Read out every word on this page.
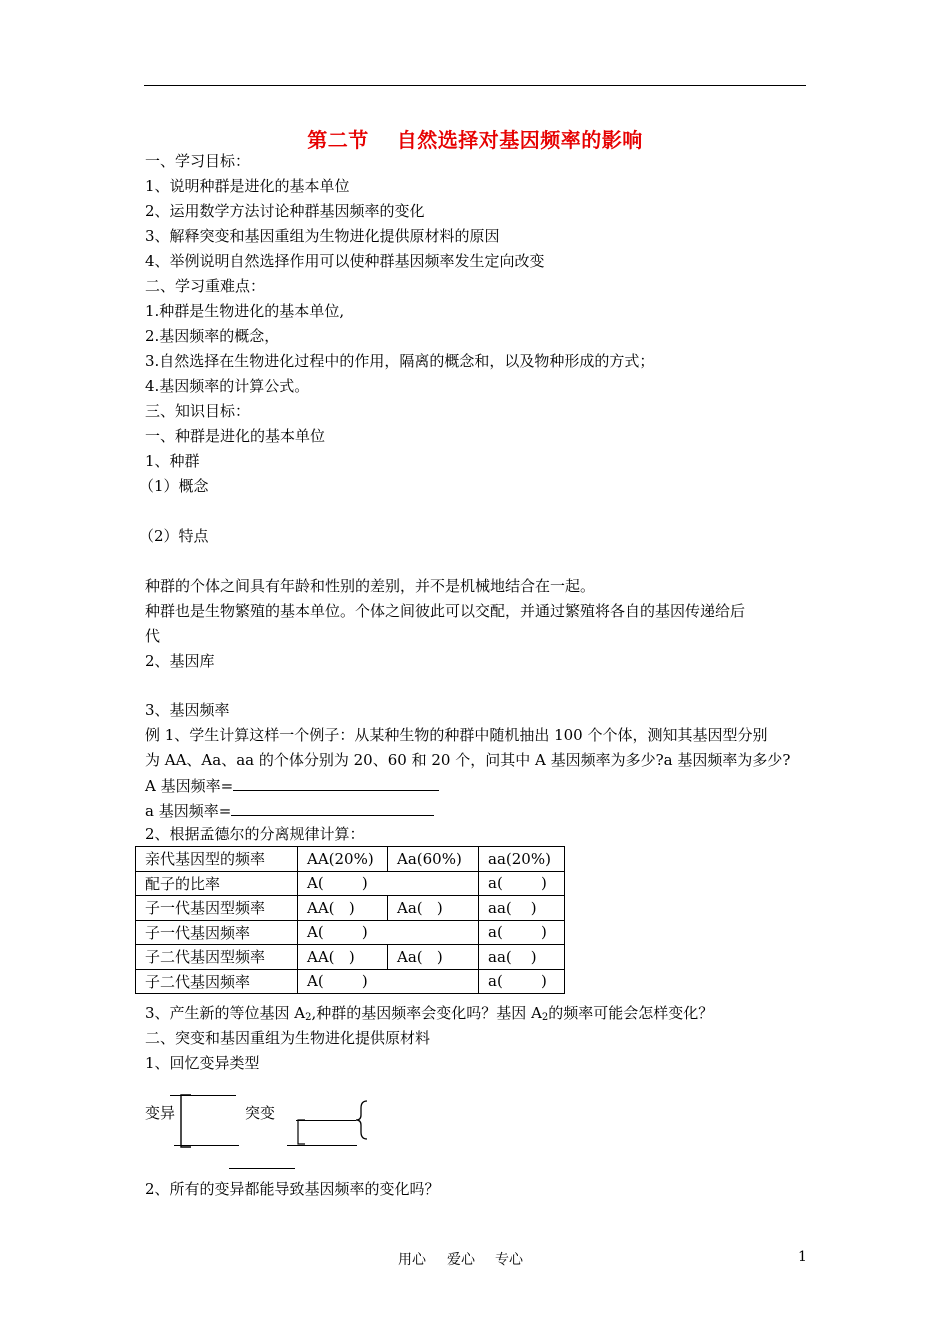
第二节 自然选择对基因频率的影响
一、学习目标：
1、说明种群是进化的基本单位
2、运用数学方法讨论种群基因频率的变化
3、解释突变和基因重组为生物进化提供原材料的原因
4、举例说明自然选择作用可以使种群基因频率发生定向改变
二、学习重难点：
1.种群是生物进化的基本单位,
2.基因频率的概念，
3.自然选择在生物进化过程中的作用，隔离的概念和，以及物种形成的方式；
4.基因频率的计算公式。
三、知识目标：
一、种群是进化的基本单位
1、种群
（1）概念
（2）特点
种群的个体之间具有年龄和性别的差别，并不是机械地结合在一起。
种群也是生物繁殖的基本单位。个体之间彼此可以交配，并通过繁殖将各自的基因传递给后
代
2、基因库
3、基因频率
例 1、学生计算这样一个例子：从某种生物的种群中随机抽出 100 个个体，测知其基因型分别
为 AA、Aa、aa 的个体分别为 20、60 和 20 个，问其中 A 基因频率为多少?a 基因频率为多少?
A 基因频率=
a 基因频率=
2、根据孟德尔的分离规律计算：
亲代基因型的频率	AA(20%)	Aa(60%)	aa(20%)
配子的比率	A(        )		a(        )
子一代基因型频率	AA(   )	Aa(   )	aa(    )
子一代基因频率	A(        )		a(        )
子二代基因型频率	AA(   )	Aa(   )	aa(    )
子二代基因频率	A(        )		a(        )
3、产生新的等位基因 $A_2$,种群的基因频率会变化吗？基因 $A_2$的频率可能会怎样变化？
二、突变和基因重组为生物进化提供原材料
1、回忆变异类型
变异	突变
2、所有的变异都能导致基因频率的变化吗？
用心 爱心 专心	1
